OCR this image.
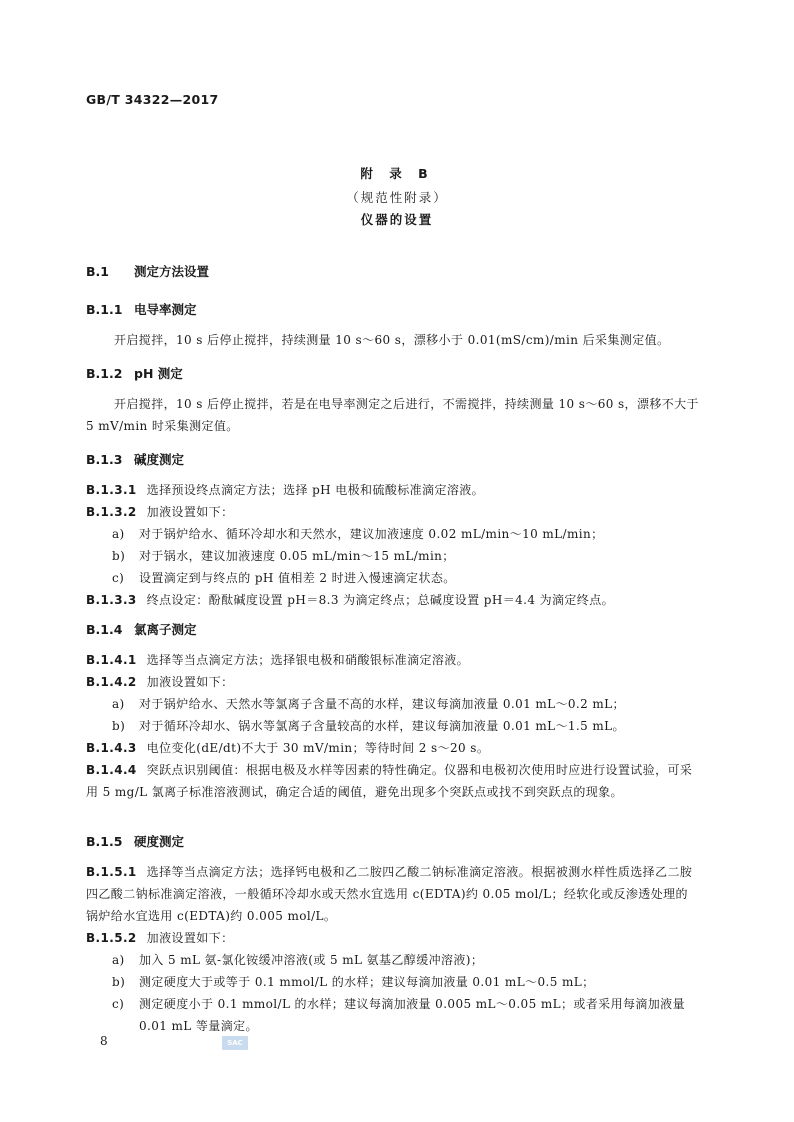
GB/T 34322—2017
附 录 B
（规范性附录）
仪器的设置
B.1 测定方法设置
B.1.1 电导率测定
开启搅拌，10 s 后停止搅拌，持续测量 10 s～60 s，漂移小于 0.01(mS/cm)/min 后采集测定值。
B.1.2 pH 测定
开启搅拌，10 s 后停止搅拌，若是在电导率测定之后进行，不需搅拌，持续测量 10 s～60 s，漂移不大于 5 mV/min 时采集测定值。
B.1.3 碱度测定
B.1.3.1 选择预设终点滴定方法；选择 pH 电极和硫酸标准滴定溶液。
B.1.3.2 加液设置如下：
a) 对于锅炉给水、循环冷却水和天然水，建议加液速度 0.02 mL/min～10 mL/min；
b) 对于锅水，建议加液速度 0.05 mL/min～15 mL/min；
c) 设置滴定到与终点的 pH 值相差 2 时进入慢速滴定状态。
B.1.3.3 终点设定：酚酞碱度设置 pH＝8.3 为滴定终点；总碱度设置 pH＝4.4 为滴定终点。
B.1.4 氯离子测定
B.1.4.1 选择等当点滴定方法；选择银电极和硝酸银标准滴定溶液。
B.1.4.2 加液设置如下：
a) 对于锅炉给水、天然水等氯离子含量不高的水样，建议每滴加液量 0.01 mL～0.2 mL；
b) 对于循环冷却水、锅水等氯离子含量较高的水样，建议每滴加液量 0.01 mL～1.5 mL。
B.1.4.3 电位变化(dE/dt)不大于 30 mV/min；等待时间 2 s～20 s。
B.1.4.4 突跃点识别阈值：根据电极及水样等因素的特性确定。仪器和电极初次使用时应进行设置试验，可采用 5 mg/L 氯离子标准溶液测试，确定合适的阈值，避免出现多个突跃点或找不到突跃点的现象。
B.1.5 硬度测定
B.1.5.1 选择等当点滴定方法；选择钙电极和乙二胺四乙酸二钠标准滴定溶液。根据被测水样性质选择乙二胺四乙酸二钠标准滴定溶液，一般循环冷却水或天然水宜选用 c(EDTA)约 0.05 mol/L；经软化或反渗透处理的锅炉给水宜选用 c(EDTA)约 0.005 mol/L。
B.1.5.2 加液设置如下：
a) 加入 5 mL 氨-氯化铵缓冲溶液(或 5 mL 氨基乙醇缓冲溶液)；
b) 测定硬度大于或等于 0.1 mmol/L 的水样；建议每滴加液量 0.01 mL～0.5 mL；
c)	测定硬度小于 0.1 mmol/L 的水样；建议每滴加液量 0.005 mL～0.05 mL；或者采用每滴加液量 0.01 mL 等量滴定。
8	SAC
